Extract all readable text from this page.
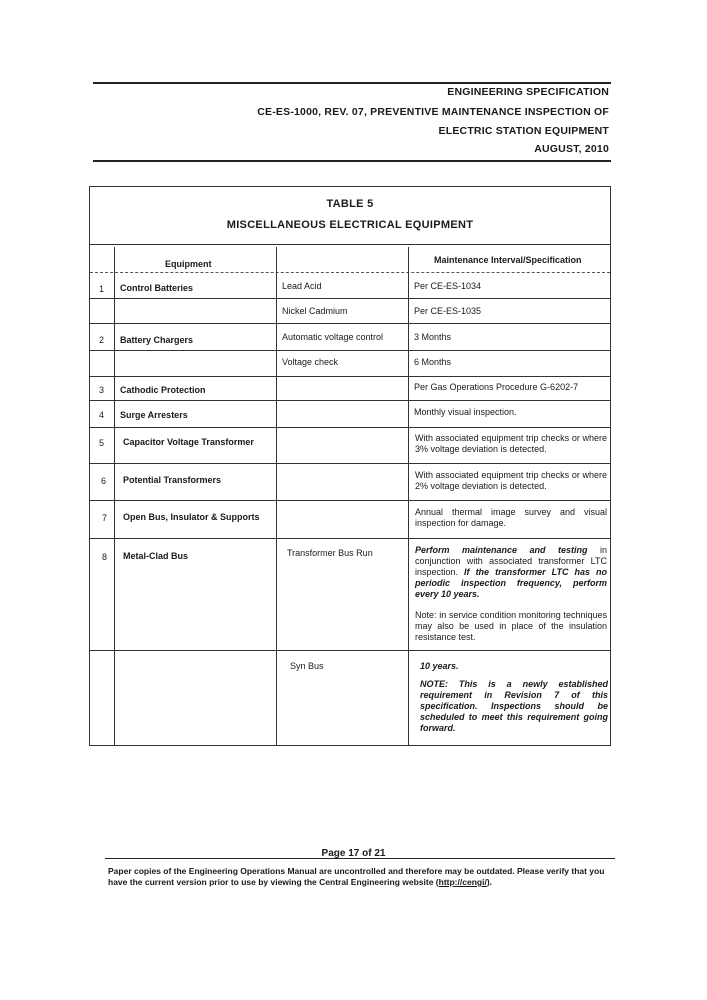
ENGINEERING SPECIFICATION
CE-ES-1000, REV. 07, PREVENTIVE MAINTENANCE INSPECTION OF
ELECTRIC STATION EQUIPMENT
AUGUST, 2010
TABLE 5
MISCELLANEOUS ELECTRICAL EQUIPMENT
Equipment	Maintenance Interval/Specification
1 Control Batteries	Lead Acid	Per CE-ES-1034
Nickel Cadmium	Per CE-ES-1035
2 Battery Chargers	Automatic voltage control	3 Months
Voltage check	6 Months
3 Cathodic Protection	Per Gas Operations Procedure G-6202-7
4 Surge Arresters	Monthly visual inspection.
5 Capacitor Voltage Transformer	With associated equipment trip checks or where 3% voltage deviation is detected.
6 Potential Transformers	With associated equipment trip checks or where 2% voltage deviation is detected.
7 Open Bus, Insulator & Supports	Annual thermal image survey and visual inspection for damage.
8 Metal-Clad Bus	Transformer Bus Run	Perform maintenance and testing in conjunction with associated transformer LTC inspection. If the transformer LTC has no periodic inspection frequency, perform every 10 years.
Note: in service condition monitoring techniques may also be used in place of the insulation resistance test.
Syn Bus	10 years.
NOTE: This is a newly established requirement in Revision 7 of this specification. Inspections should be scheduled to meet this requirement going forward.
Page 17 of 21
Paper copies of the Engineering Operations Manual are uncontrolled and therefore may be outdated. Please verify that you have the current version prior to use by viewing the Central Engineering website (http://cengi/).
